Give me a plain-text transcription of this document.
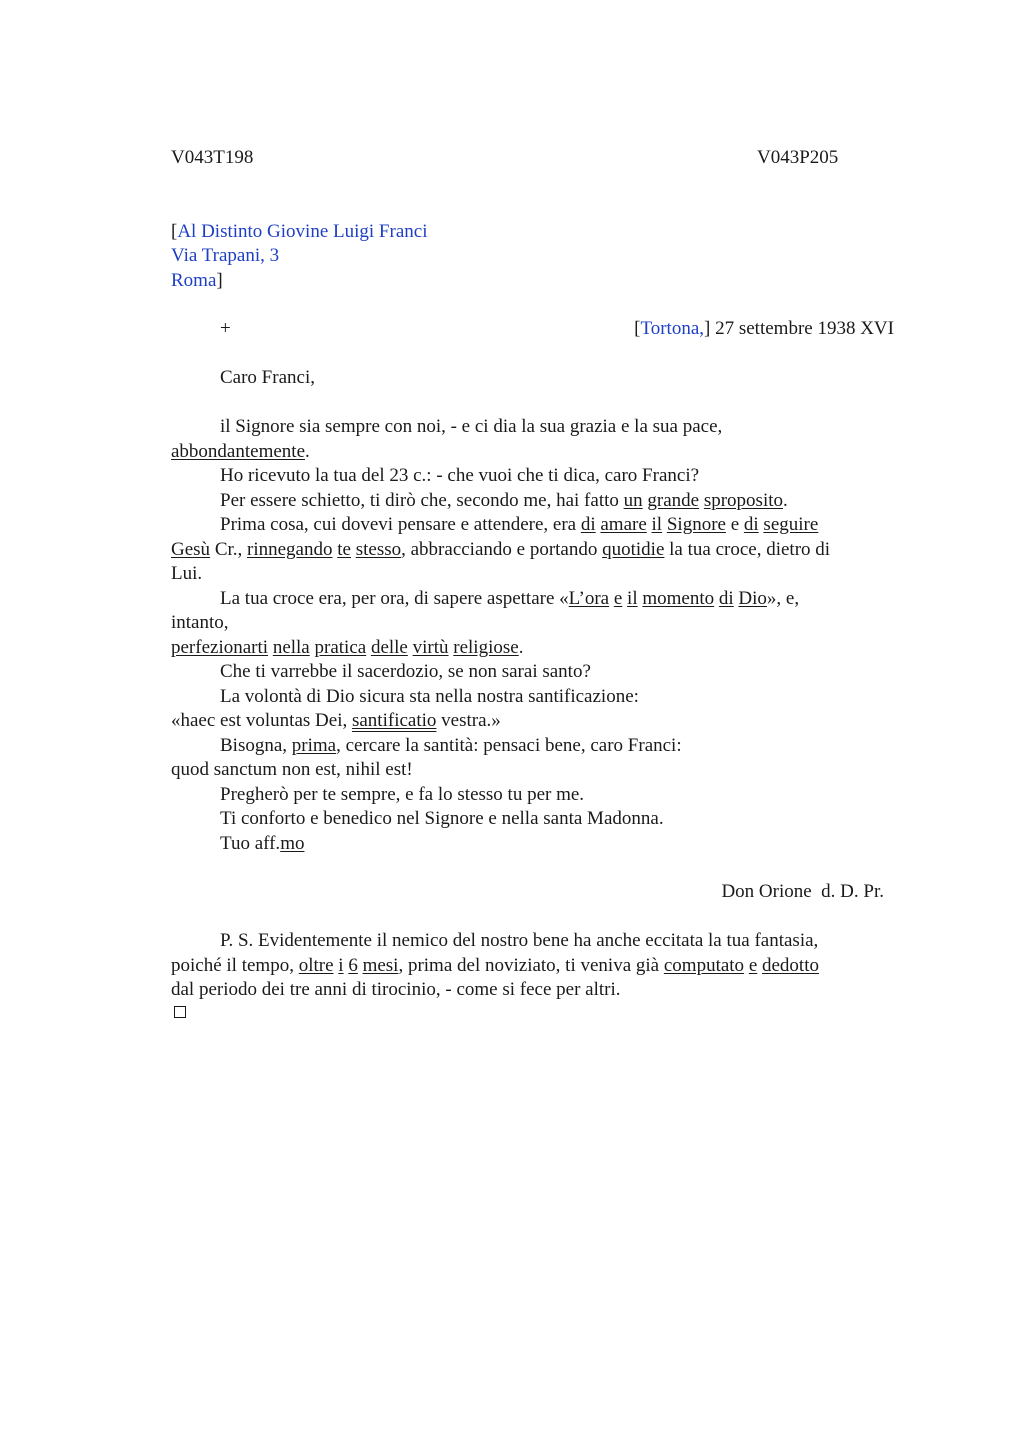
V043T198	V043P205
[Al Distinto Giovine Luigi Franci
Via Trapani, 3
Roma]
+	[Tortona,] 27 settembre 1938 XVI
Caro Franci,
il Signore sia sempre con noi, - e ci dia la sua grazia e la sua pace,
abbondantemente.
Ho ricevuto la tua del 23 c.: - che vuoi che ti dica, caro Franci?
Per essere schietto, ti dirò che, secondo me, hai fatto un grande sproposito.
Prima cosa, cui dovevi pensare e attendere, era di amare il Signore e di seguire
Gesù Cr., rinnegando te stesso, abbracciando e portando quotidie la tua croce, dietro di
Lui.
La tua croce era, per ora, di sapere aspettare «L’ora e il momento di Dio», e,
intanto,
perfezionarti nella pratica delle virtù religiose.
Che ti varrebbe il sacerdozio, se non sarai santo?
La volontà di Dio sicura sta nella nostra santificazione:
«haec est voluntas Dei, santificatio vestra.»
Bisogna, prima, cercare la santità: pensaci bene, caro Franci:
quod sanctum non est, nihil est!
Pregherò per te sempre, e fa lo stesso tu per me.
Ti conforto e benedico nel Signore e nella santa Madonna.
Tuo aff.mo
Don Orione  d. D. Pr.
P. S. Evidentemente il nemico del nostro bene ha anche eccitata la tua fantasia,
poiché il tempo, oltre i 6 mesi, prima del noviziato, ti veniva già computato e dedotto
dal periodo dei tre anni di tirocinio, - come si fece per altri.
